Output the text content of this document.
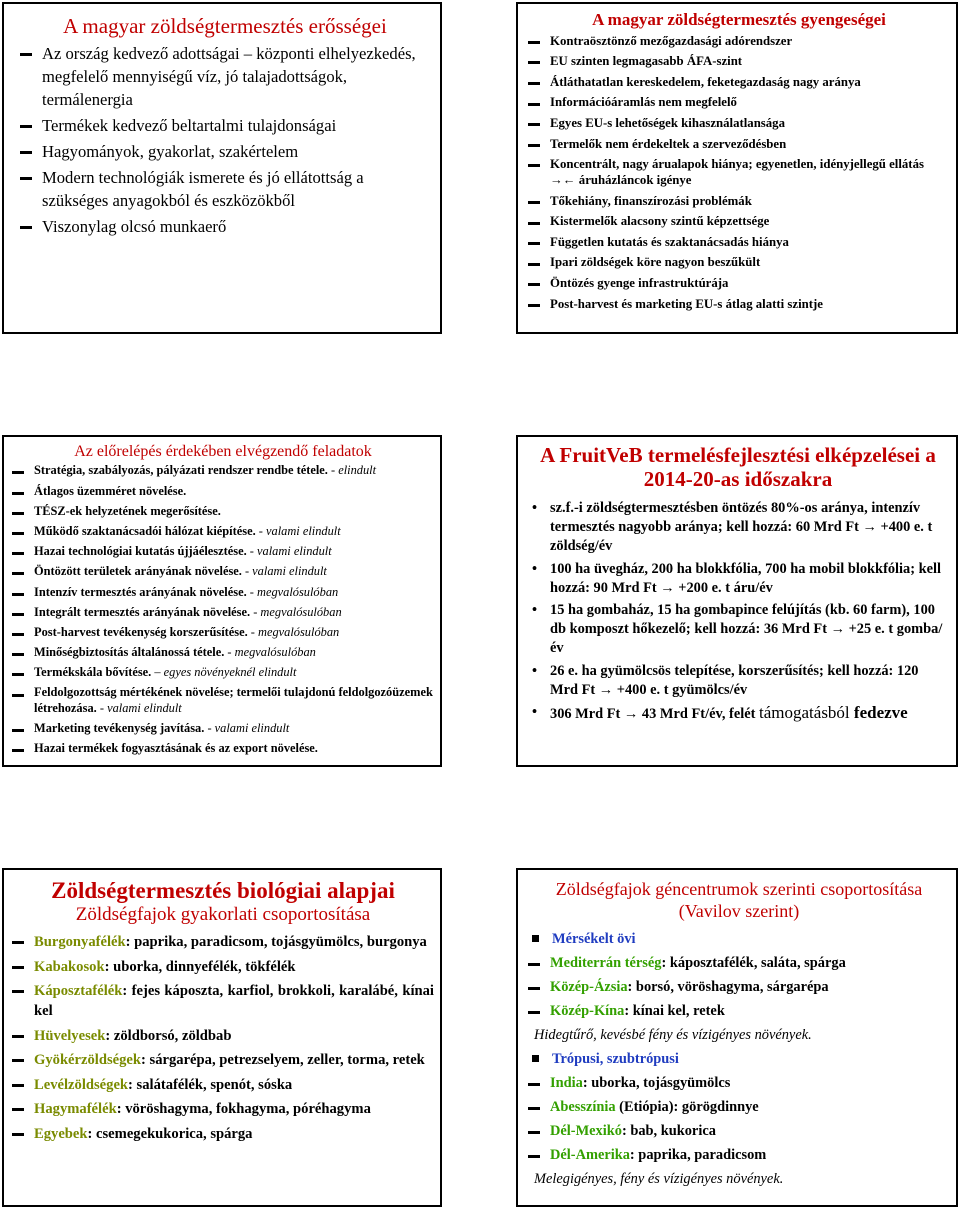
A magyar zöldségtermesztés erősségei
Az ország kedvező adottságai – központi elhelyezkedés, megfelelő mennyiségű víz, jó talajadottságok, termálenergia
Termékek kedvező beltartalmi tulajdonságai
Hagyományok, gyakorlat, szakértelem
Modern technológiák ismerete és jó ellátottság a szükséges anyagokból és eszközökből
Viszonylag olcsó munkaerő
A magyar zöldségtermesztés gyengeségei
Kontraösztönző mezőgazdasági adórendszer
EU szinten legmagasabb ÁFA-szint
Átláthatatlan kereskedelem, feketegazdaság nagy aránya
Információáramlás nem megfelelő
Egyes EU-s lehetőségek kihasználatlansága
Termelők nem érdekeltek a szerveződésben
Koncentrált, nagy árualapok hiánya; egyenetlen, idényjellegű ellátás →← áruházláncok igénye
Tőkehiány, finanszírozási problémák
Kistermelők alacsony szintű képzettsége
Független kutatás és szaktanácsadás hiánya
Ipari zöldségek köre nagyon beszűkült
Öntözés gyenge infrastruktúrája
Post-harvest és marketing EU-s átlag alatti szintje
Az előrelépés érdekében elvégzendő feladatok
Stratégia, szabályozás, pályázati rendszer rendbe tétele. - elindult
Átlagos üzemméret növelése.
TÉSZ-ek helyzetének megerősítése.
Működő szaktanácsadói hálózat kiépítése. - valami elindult
Hazai technológiai kutatás újjáélesztése. - valami elindult
Öntözött területek arányának növelése. - valami elindult
Intenzív termesztés arányának növelése. - megvalósulóban
Integrált termesztés arányának növelése. - megvalósulóban
Post-harvest tevékenység korszerűsítése. - megvalósulóban
Minőségbiztosítás általánossá tétele. - megvalósulóban
Termékskála bővítése. – egyes növényeknél elindult
Feldolgozottság mértékének növelése; termelői tulajdonú feldolgozóüzemek létrehozása. - valami elindult
Marketing tevékenység javítása. - valami elindult
Hazai termékek fogyasztásának és az export növelése.
A FruitVeB termelésfejlesztési elképzelései a 2014-20-as időszakra
• sz.f.-i zöldségtermesztésben öntözés 80%-os aránya, intenzív termesztés nagyobb aránya; kell hozzá: 60 Mrd Ft → +400 e. t zöldség/év
• 100 ha üvegház, 200 ha blokkfólia, 700 ha mobil blokkfólia; kell hozzá: 90 Mrd Ft → +200 e. t áru/év
• 15 ha gombaház, 15 ha gombapince felújítás (kb. 60 farm), 100 db komposzt hőkezelő; kell hozzá: 36 Mrd Ft → +25 e. t gomba/év
• 26 e. ha gyümölcsös telepítése, korszerűsítés; kell hozzá: 120 Mrd Ft → +400 e. t gyümölcs/év
• 306 Mrd Ft → 43 Mrd Ft/év, felét támogatásból fedezve
Zöldségtermesztés biológiai alapjai
Zöldségfajok gyakorlati csoportosítása
Burgonyafélék: paprika, paradicsom, tojásgyümölcs, burgonya
Kabakosok: uborka, dinnyefélék, tökfélék
Káposztafélék: fejes káposzta, karfiol, brokkoli, karalábé, kínai kel
Hüvelyesek: zöldborsó, zöldbab
Gyökérzöldségek: sárgarépa, petrezselyem, zeller, torma, retek
Levélzöldségek: salátafélék, spenót, sóska
Hagymafélék: vöröshagyma, fokhagyma, póréhagyma
Egyebek: csemegekukorica, spárga
Zöldségfajok géncentrumok szerinti csoportosítása (Vavilov szerint)
Mérsékelt övi
Mediterrán térség: káposztafélék, saláta, spárga
Közép-Ázsia: borsó, vöröshagyma, sárgarépa
Közép-Kína: kínai kel, retek
Hidegtűrő, kevésbé fény és vízigényes növények.
Trópusi, szubtrópusi
India: uborka, tojásgyümölcs
Abesszínia (Etiópia): görögdinnye
Dél-Mexikó: bab, kukorica
Dél-Amerika: paprika, paradicsom
Melegigényes, fény és vízigényes növények.
